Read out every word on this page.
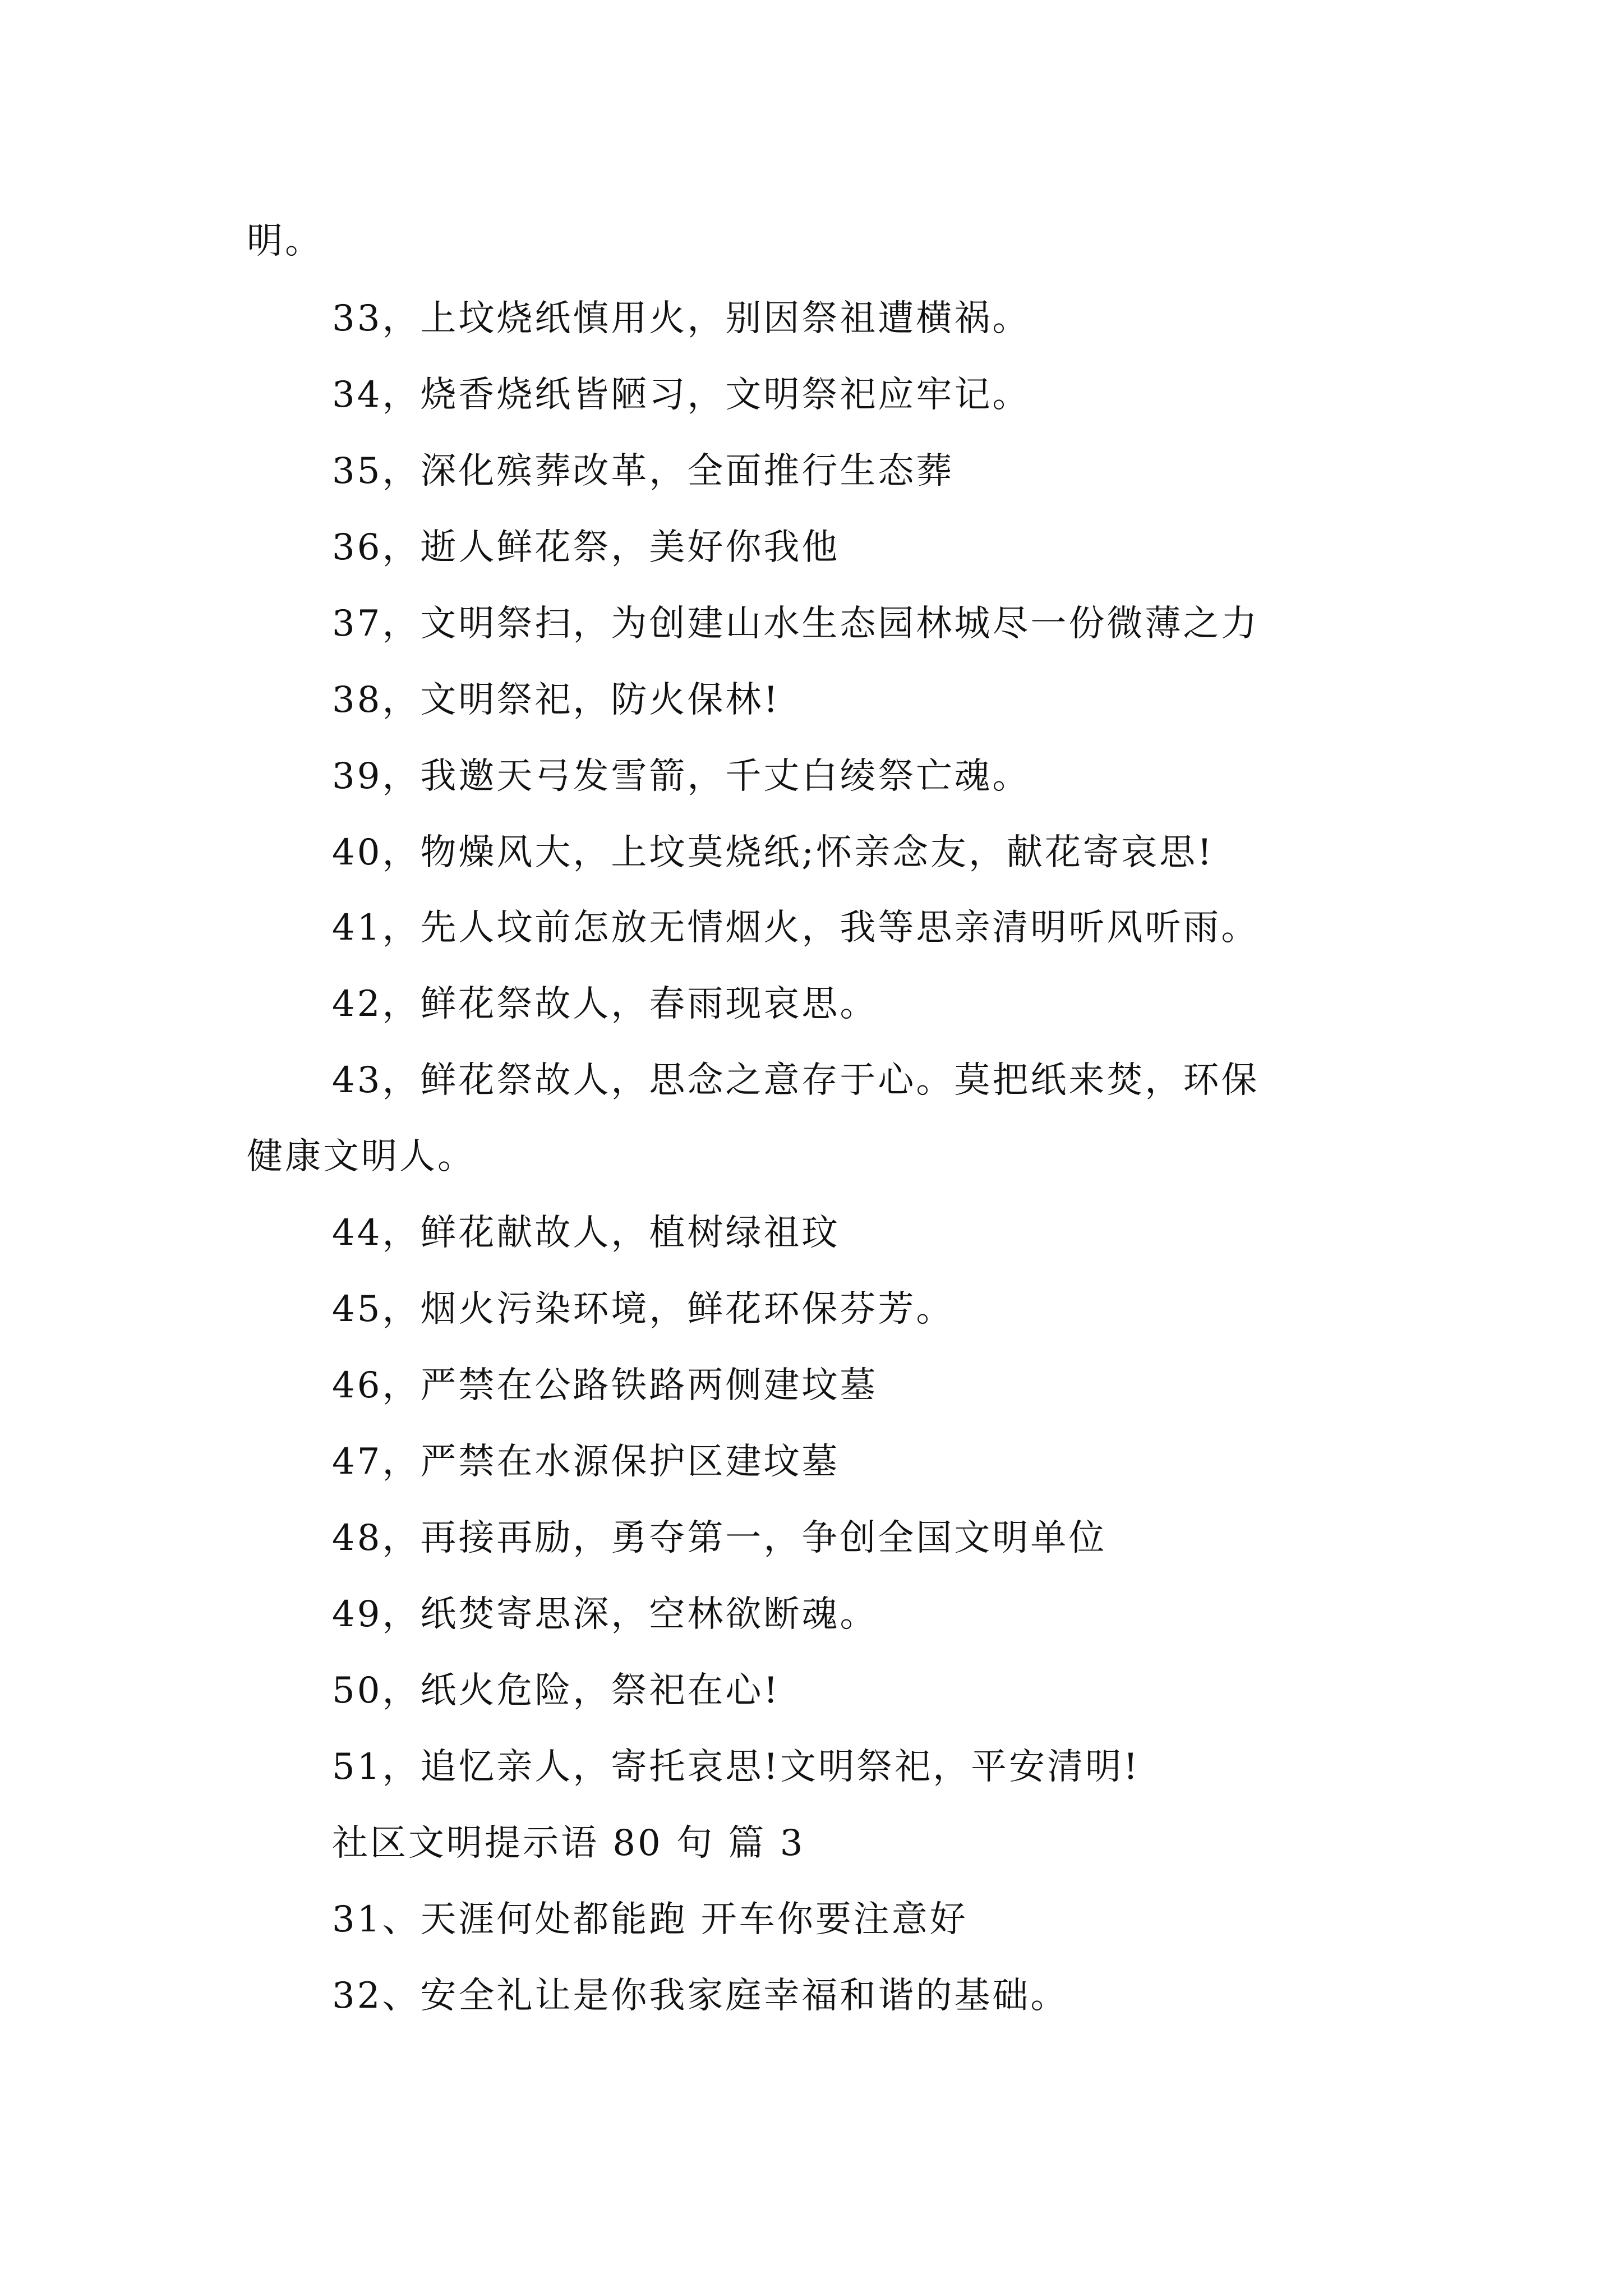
明。
33，上坟烧纸慎用火，别因祭祖遭横祸。
34，烧香烧纸皆陋习，文明祭祀应牢记。
35，深化殡葬改革，全面推行生态葬
36，逝人鲜花祭，美好你我他
37，文明祭扫，为创建山水生态园林城尽一份微薄之力
38，文明祭祀，防火保林!
39，我邀天弓发雪箭，千丈白绫祭亡魂。
40，物燥风大，上坟莫烧纸;怀亲念友，献花寄哀思!
41，先人坟前怎放无情烟火，我等思亲清明听风听雨。
42，鲜花祭故人，春雨现哀思。
43，鲜花祭故人，思念之意存于心。莫把纸来焚，环保
健康文明人。
44，鲜花献故人，植树绿祖玟
45，烟火污染环境，鲜花环保芬芳。
46，严禁在公路铁路两侧建坟墓
47，严禁在水源保护区建坟墓
48，再接再励，勇夺第一，争创全国文明单位
49，纸焚寄思深，空林欲断魂。
50，纸火危险，祭祀在心!
51，追忆亲人，寄托哀思!文明祭祀，平安清明!
社区文明提示语 80 句 篇 3
31、天涯何处都能跑 开车你要注意好
32、安全礼让是你我家庭幸福和谐的基础。
